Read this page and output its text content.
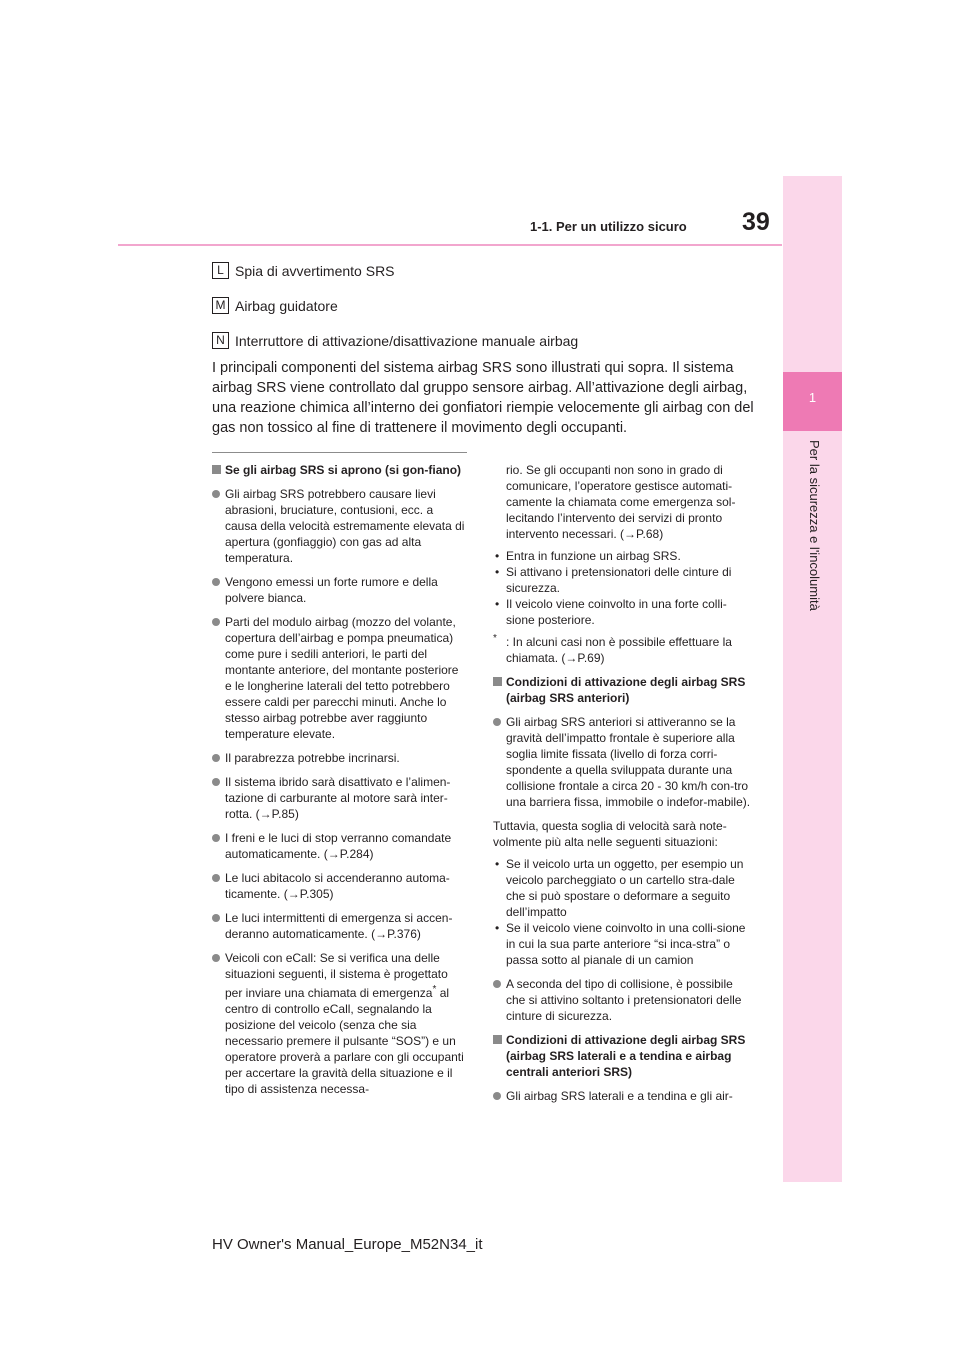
1
Per la sicurezza e l'incolumità
39
1-1. Per un utilizzo sicuro
L Spia di avvertimento SRS
M Airbag guidatore
N Interruttore di attivazione/disattivazione manuale airbag
I principali componenti del sistema airbag SRS sono illustrati qui sopra. Il sistema airbag SRS viene controllato dal gruppo sensore airbag. All’attivazione degli airbag, una reazione chimica all’interno dei gonfiatori riempie velocemente gli airbag con del gas non tossico al fine di trattenere il movimento degli occupanti.
Se gli airbag SRS si aprono (si gon-fiano)
Gli airbag SRS potrebbero causare lievi abrasioni, bruciature, contusioni, ecc. a causa della velocità estremamente elevata di apertura (gonfiaggio) con gas ad alta temperatura.
Vengono emessi un forte rumore e della polvere bianca.
Parti del modulo airbag (mozzo del volante, copertura dell’airbag e pompa pneumatica) come pure i sedili anteriori, le parti del montante anteriore, del montante posteriore e le longherine laterali del tetto potrebbero essere caldi per parecchi minuti. Anche lo stesso airbag potrebbe aver raggiunto temperature elevate.
Il parabrezza potrebbe incrinarsi.
Il sistema ibrido sarà disattivato e l’alimen-tazione di carburante al motore sarà inter-rotta. (→P.85)
I freni e le luci di stop verranno comandate automaticamente. (→P.284)
Le luci abitacolo si accenderanno automa-ticamente. (→P.305)
Le luci intermittenti di emergenza si accen-deranno automaticamente. (→P.376)
Veicoli con eCall: Se si verifica una delle situazioni seguenti, il sistema è progettato per inviare una chiamata di emergenza* al centro di controllo eCall, segnalando la posizione del veicolo (senza che sia necessario premere il pulsante “SOS”) e un operatore proverà a parlare con gli occupanti per accertare la gravità della situazione e il tipo di assistenza necessa-
rio. Se gli occupanti non sono in grado di comunicare, l’operatore gestisce automati-camente la chiamata come emergenza sol-lecitando l’intervento dei servizi di pronto intervento necessari. (→P.68)
• Entra in funzione un airbag SRS.
• Si attivano i pretensionatori delle cinture di sicurezza.
• Il veicolo viene coinvolto in una forte colli-sione posteriore.
* : In alcuni casi non è possibile effettuare la chiamata. (→P.69)
Condizioni di attivazione degli airbag SRS (airbag SRS anteriori)
Gli airbag SRS anteriori si attiveranno se la gravità dell’impatto frontale è superiore alla soglia limite fissata (livello di forza corri-spondente a quella sviluppata durante una collisione frontale a circa 20 - 30 km/h con-tro una barriera fissa, immobile o indefor-mabile).
Tuttavia, questa soglia di velocità sarà note-volmente più alta nelle seguenti situazioni:
• Se il veicolo urta un oggetto, per esempio un veicolo parcheggiato o un cartello stra-dale che si può spostare o deformare a seguito dell’impatto
• Se il veicolo viene coinvolto in una colli-sione in cui la sua parte anteriore “si inca-stra” o passa sotto al pianale di un camion
A seconda del tipo di collisione, è possibile che si attivino soltanto i pretensionatori delle cinture di sicurezza.
Condizioni di attivazione degli airbag SRS (airbag SRS laterali e a tendina e airbag centrali anteriori SRS)
Gli airbag SRS laterali e a tendina e gli air-
HV Owner's Manual_Europe_M52N34_it
